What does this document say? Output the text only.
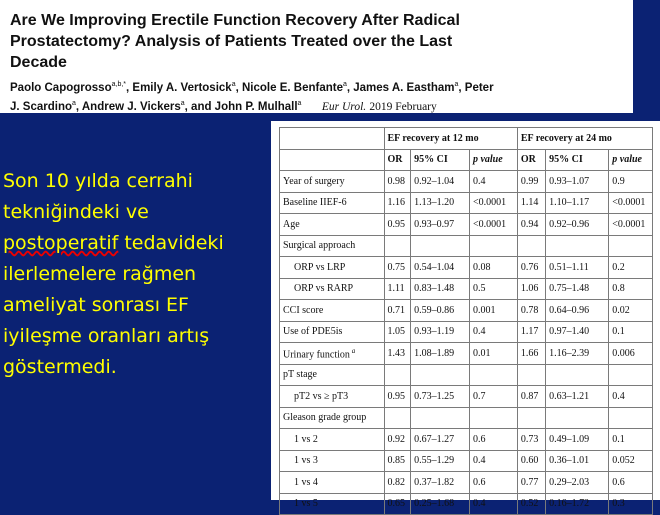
Are We Improving Erectile Function Recovery After Radical
Prostatectomy? Analysis of Patients Treated over the Last
Decade
Paolo Capogrosso$^{a,b,*}$, Emily A. Vertosick$^a$, Nicole E. Benfante$^a$, James A. Eastham$^a$, Peter
J. Scardino$^a$, Andrew J. Vickers$^a$, and John P. Mulhall$^a$ Eur Urol. 2019 February
Son 10 yılda cerrahi
tekniğindeki ve
postoperatif tedavideki
ilerlemelere rağmen
ameliyat sonrası EF
iyileşme oranları artış
göstermedi.
	EF recovery at 12 mo			EF recovery at 24 mo		
	OR	95% CI	p value	OR	95% CI	p value
Year of surgery	0.98	0.92–1.04	0.4	0.99	0.93–1.07	0.9
Baseline IIEF-6	1.16	1.13–1.20	<0.0001	1.14	1.10–1.17	<0.0001
Age	0.95	0.93–0.97	<0.0001	0.94	0.92–0.96	<0.0001
Surgical approach						
ORP vs LRP	0.75	0.54–1.04	0.08	0.76	0.51–1.11	0.2
ORP vs RARP	1.11	0.83–1.48	0.5	1.06	0.75–1.48	0.8
CCI score	0.71	0.59–0.86	0.001	0.78	0.64–0.96	0.02
Use of PDE5is	1.05	0.93–1.19	0.4	1.17	0.97–1.40	0.1
Urinary function $^a$	1.43	1.08–1.89	0.01	1.66	1.16–2.39	0.006
pT stage						
pT2 vs ≥ pT3	0.95	0.73–1.25	0.7	0.87	0.63–1.21	0.4
Gleason grade group						
1 vs 2	0.92	0.67–1.27	0.6	0.73	0.49–1.09	0.1
1 vs 3	0.85	0.55–1.29	0.4	0.60	0.36–1.01	0.052
1 vs 4	0.82	0.37–1.82	0.6	0.77	0.29–2.03	0.6
1 vs 5	0.65	0.25–1.68	0.4	0.52	0.16–1.72	0.3
